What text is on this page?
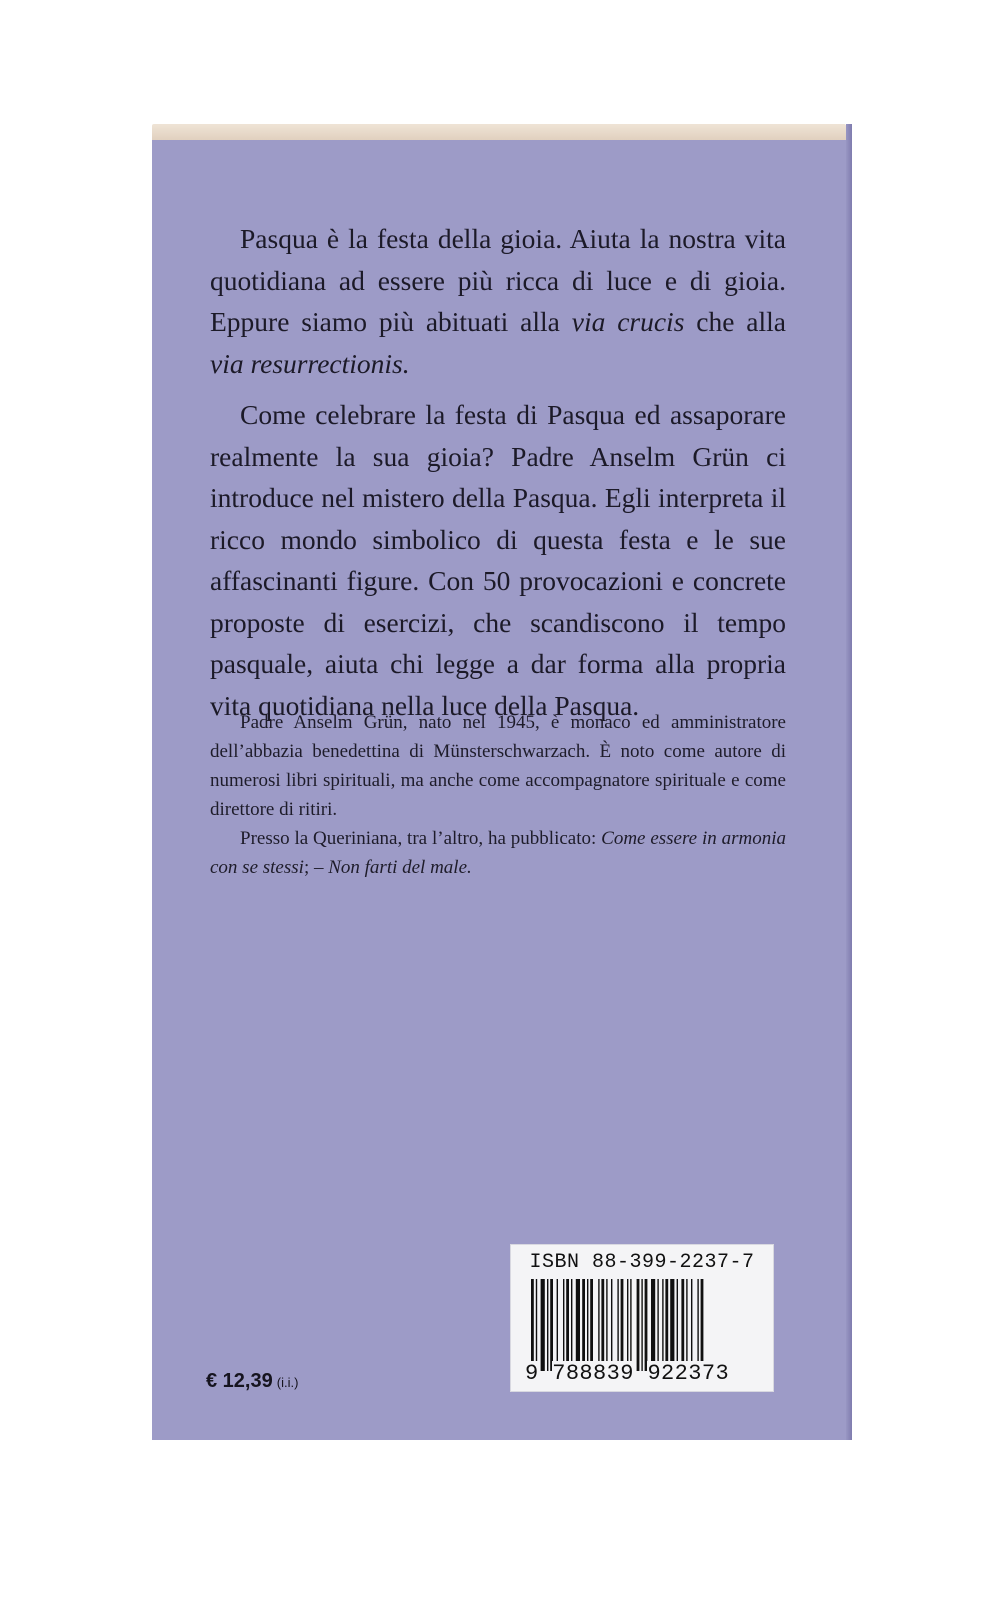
Pasqua è la festa della gioia. Aiuta la nostra vita quotidiana ad essere più ricca di luce e di gioia. Eppure siamo più abituati alla via crucis che alla via resurrectionis.

Come celebrare la festa di Pasqua ed assaporare realmente la sua gioia? Padre Anselm Grün ci introduce nel mistero della Pasqua. Egli interpreta il ricco mondo simbolico di questa festa e le sue affascinanti figure. Con 50 provocazioni e concrete proposte di esercizi, che scandiscono il tempo pasquale, aiuta chi legge a dar forma alla propria vita quotidiana nella luce della Pasqua.

Padre Anselm Grün, nato nel 1945, è monaco ed amministratore dell’abbazia benedettina di Münsterschwarzach. È noto come autore di numerosi libri spirituali, ma anche come accompagnatore spirituale e come direttore di ritiri.

Presso la Queriniana, tra l’altro, ha pubblicato: Come essere in armonia con se stessi; – Non farti del male.

ISBN 88-399-2237-7
9 788839 922373
€ 12,39 (i.i.)
